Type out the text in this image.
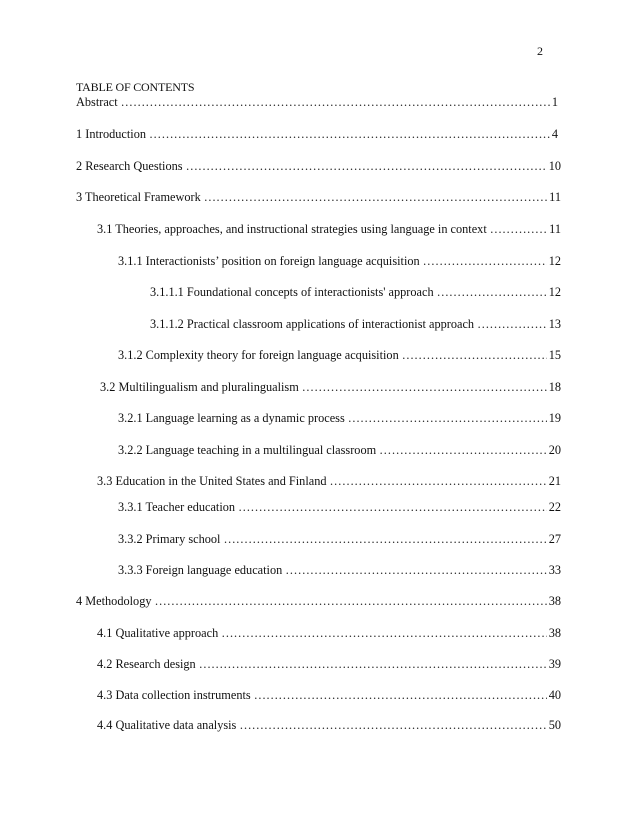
2
TABLE OF CONTENTS
Abstract ……………………………………………………………………………………………………………………………………………………………………………………………………	1
1 Introduction ……………………………………………………………………………………………………………………………………………………………………………………………………	4
2 Research Questions ……………………………………………………………………………………………………………………………………………………………………………………………………	10
3 Theoretical Framework ……………………………………………………………………………………………………………………………………………………………………………………………………	11
3.1 Theories, approaches, and instructional strategies using language in context ……………………………………………………………………………………………………………………………………………………………………………………………………	11
3.1.1 Interactionists’ position on foreign language acquisition ……………………………………………………………………………………………………………………………………………………………………………………………………	12
3.1.1.1 Foundational concepts of interactionists' approach ……………………………………………………………………………………………………………………………………………………………………………………………………	12
3.1.1.2 Practical classroom applications of interactionist approach ……………………………………………………………………………………………………………………………………………………………………………………………………	13
3.1.2 Complexity theory for foreign language acquisition ……………………………………………………………………………………………………………………………………………………………………………………………………	15
3.2 Multilingualism and pluralingualism ……………………………………………………………………………………………………………………………………………………………………………………………………	18
3.2.1 Language learning as a dynamic process ……………………………………………………………………………………………………………………………………………………………………………………………………	19
3.2.2 Language teaching in a multilingual classroom ……………………………………………………………………………………………………………………………………………………………………………………………………	20
3.3 Education in the United States and Finland ……………………………………………………………………………………………………………………………………………………………………………………………………	21
3.3.1 Teacher education ……………………………………………………………………………………………………………………………………………………………………………………………………	22
3.3.2 Primary school ……………………………………………………………………………………………………………………………………………………………………………………………………	27
3.3.3 Foreign language education ……………………………………………………………………………………………………………………………………………………………………………………………………	33
4 Methodology ……………………………………………………………………………………………………………………………………………………………………………………………………	38
4.1 Qualitative approach ……………………………………………………………………………………………………………………………………………………………………………………………………	38
4.2 Research design ……………………………………………………………………………………………………………………………………………………………………………………………………	39
4.3 Data collection instruments ……………………………………………………………………………………………………………………………………………………………………………………………………	40
4.4 Qualitative data analysis ……………………………………………………………………………………………………………………………………………………………………………………………………	50
